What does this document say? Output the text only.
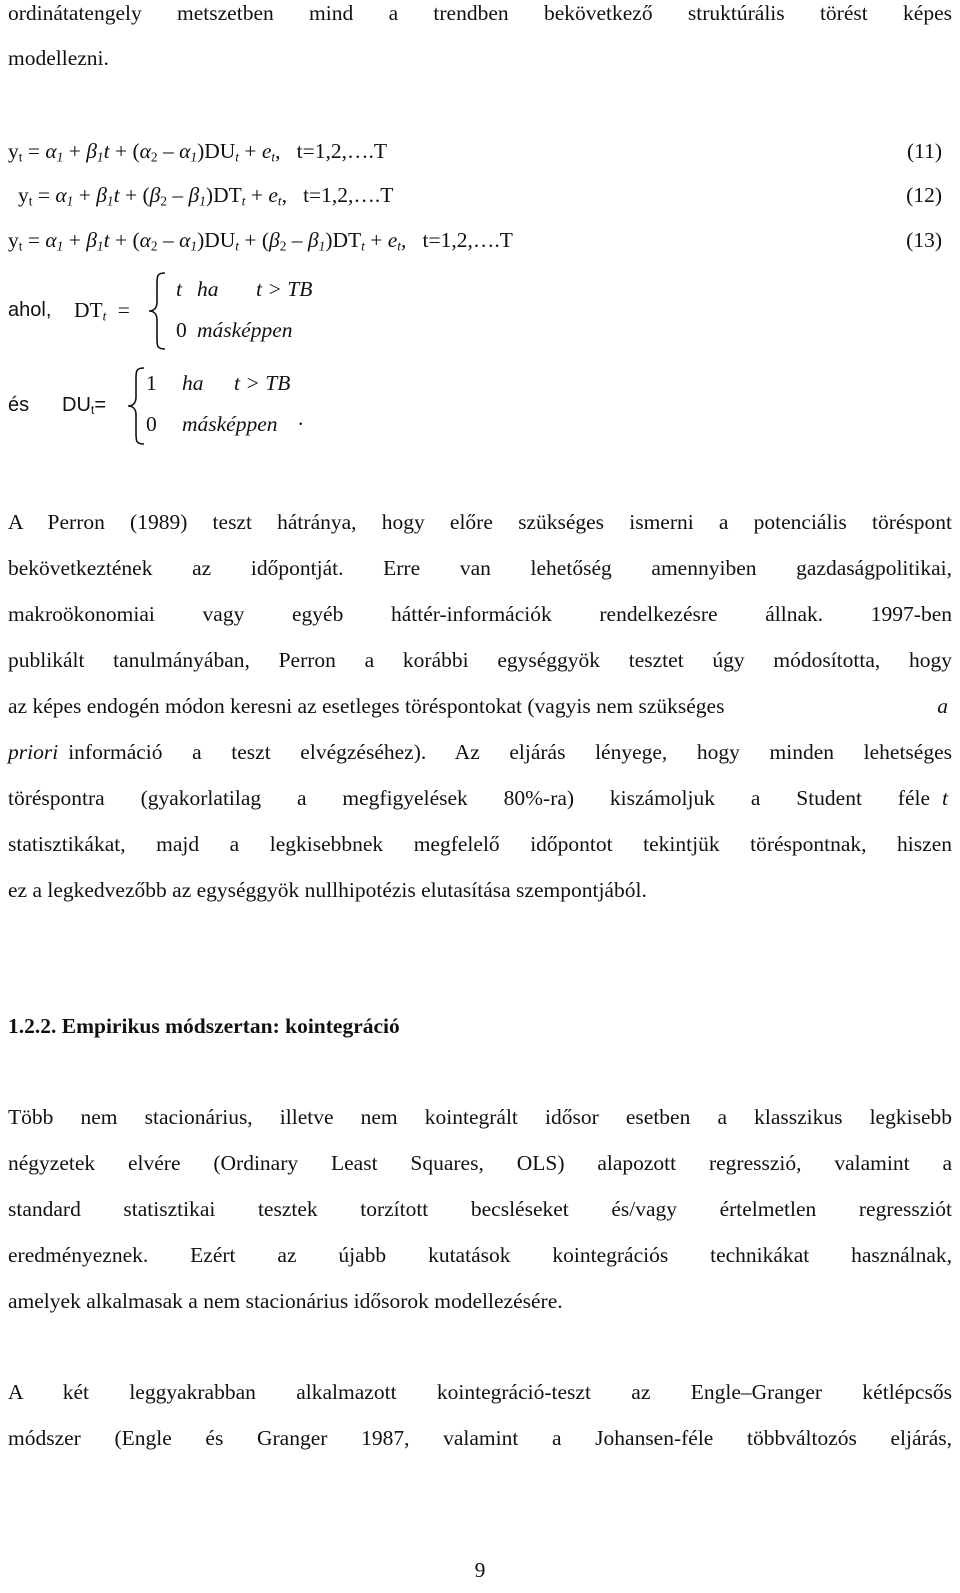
ordinátatengely metszetben mind a trendben bekövetkező struktúrális törést képes
modellezni.
$y_t = \alpha_1 + \beta_1t + (\alpha_2 - \alpha_1)DU_t + e_t$,   t=1,2,….T	(11)
$y_t = \alpha_1 + \beta_1t + (\beta_2 - \beta_1)DT_t + e_t$,   t=1,2,….T	(12)
$y_t = \alpha_1 + \beta_1t + (\alpha_2 - \alpha_1)DU_t + (\beta_2 - \beta_1)DT_t + e_t$,   t=1,2,….T	(13)
ahol, $DT_t$ =
t ha t > TB
0 másképpen
és $DU_t=$
1 ha t > TB
0 másképpen .
A Perron (1989) teszt hátránya, hogy előre szükséges ismerni a potenciális töréspont
bekövetkeztének az időpontját. Erre van lehetőség amennyiben gazdaságpolitikai,
makroökonomiai vagy egyéb háttér-információk rendelkezésre állnak. 1997-ben
publikált tanulmányában, Perron a korábbi egységgyök tesztet úgy módosította, hogy
az képes endogén módon keresni az esetleges töréspontokat (vagyis nem szükséges	a
priori információ a teszt elvégzéséhez). Az eljárás lényege, hogy minden lehetséges
töréspontra (gyakorlatilag a megfigyelések 80%-ra) kiszámoljuk a Student féle t
statisztikákat, majd a legkisebbnek megfelelő időpontot tekintjük töréspontnak, hiszen
ez a legkedvezőbb az egységgyök nullhipotézis elutasítása szempontjából.
1.2.2. Empirikus módszertan: kointegráció
Több nem stacionárius, illetve nem kointegrált idősor esetben a klasszikus legkisebb
négyzetek elvére (Ordinary Least Squares, OLS) alapozott regresszió, valamint a
standard statisztikai tesztek torzított becsléseket és/vagy értelmetlen regressziót
eredményeznek. Ezért az újabb kutatások kointegrációs technikákat használnak,
amelyek alkalmasak a nem stacionárius idősorok modellezésére.
A két leggyakrabban alkalmazott kointegráció-teszt az Engle–Granger kétlépcsős
módszer (Engle és Granger 1987, valamint a Johansen-féle többváltozós eljárás,
9
